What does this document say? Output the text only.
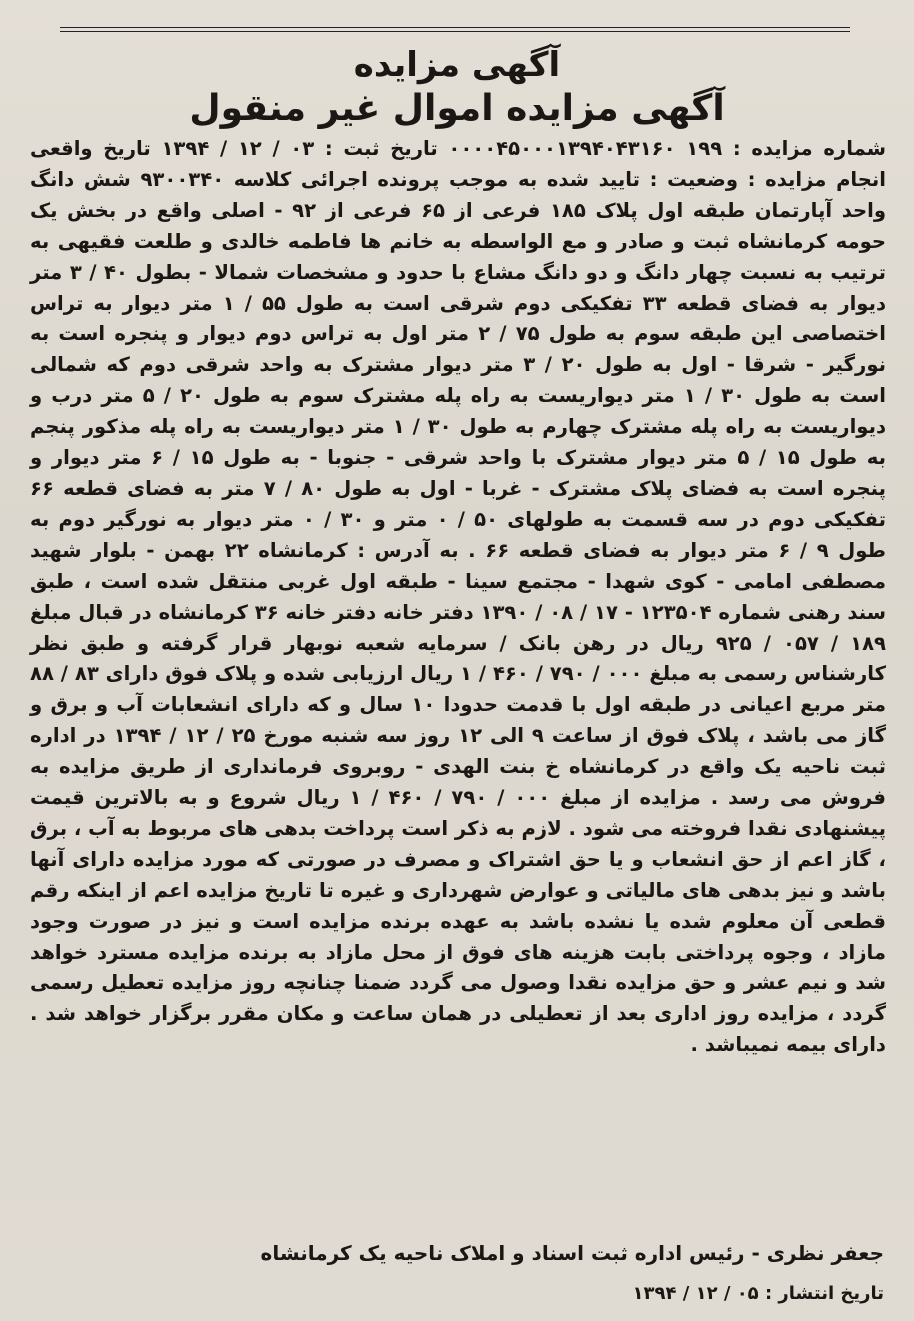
آگهی مزایده
آگهی مزایده اموال غیر منقول
شماره مزایده : ۱۹۹ ۰۰۰۰۴۵۰۰۰۱۳۹۴۰۴۳۱۶۰ تاریخ ثبت : ۰۳ / ۱۲ / ۱۳۹۴ تاریخ واقعی انجام مزایده : وضعیت : تایید شده به موجب پرونده اجرائی کلاسه ۹۳۰۰۳۴۰ شش دانگ واحد آپارتمان طبقه اول پلاک ۱۸۵ فرعی از ۶۵ فرعی از ۹۲ - اصلی واقع در بخش یک حومه کرمانشاه ثبت و صادر و مع الواسطه به خانم ها فاطمه خالدی و طلعت فقیهی به ترتیب به نسبت چهار دانگ و دو دانگ مشاع با حدود و مشخصات شمالا - بطول ۴۰ / ۳ متر دیوار به فضای قطعه ۳۳ تفکیکی دوم شرقی است به طول ۵۵ / ۱ متر دیوار به تراس اختصاصی این طبقه سوم به طول ۷۵ / ۲ متر اول به تراس دوم دیوار و پنجره است به نورگیر - شرقا - اول به طول ۲۰ / ۳ متر دیوار مشترک به واحد شرقی دوم که شمالی است به طول ۳۰ / ۱ متر دیواریست به راه پله مشترک سوم به طول ۲۰ / ۵ متر درب و دیواریست به راه پله مشترک چهارم به طول ۳۰ / ۱ متر دیواریست به راه پله مذکور پنجم به طول ۱۵ / ۵ متر دیوار مشترک با واحد شرقی - جنوبا - به طول ۱۵ / ۶ متر دیوار و پنجره است به فضای پلاک مشترک - غربا - اول به طول ۸۰ / ۷ متر به فضای قطعه ۶۶ تفکیکی دوم در سه قسمت به طولهای ۵۰ / ۰ متر و ۳۰ / ۰ متر دیوار به نورگیر دوم به طول ۹ / ۶ متر دیوار به فضای قطعه ۶۶ . به آدرس : کرمانشاه ۲۲ بهمن - بلوار شهید مصطفی امامی - کوی شهدا - مجتمع سینا - طبقه اول غربی منتقل شده است ، طبق سند رهنی شماره ۱۲۳۵۰۴ - ۱۷ / ۰۸ / ۱۳۹۰ دفتر خانه دفتر خانه ۳۶ کرمانشاه در قبال مبلغ ۱۸۹ / ۰۵۷ / ۹۲۵ ریال در رهن بانک / سرمایه شعبه نوبهار قرار گرفته و طبق نظر کارشناس رسمی به مبلغ ۰۰۰ / ۷۹۰ / ۴۶۰ / ۱ ریال ارزیابی شده و پلاک فوق دارای ۸۳ / ۸۸ متر مربع اعیانی در طبقه اول با قدمت حدودا ۱۰ سال و که دارای انشعابات آب و برق و گاز می باشد ، پلاک فوق از ساعت ۹ الی ۱۲ روز سه شنبه مورخ ۲۵ / ۱۲ / ۱۳۹۴ در اداره ثبت ناحیه یک واقع در کرمانشاه خ بنت الهدی - روبروی فرمانداری از طریق مزایده به فروش می رسد . مزایده از مبلغ ۰۰۰ / ۷۹۰ / ۴۶۰ / ۱ ریال شروع و به بالاترین قیمت پیشنهادی نقدا فروخته می شود . لازم به ذکر است پرداخت بدهی های مربوط به آب ، برق ، گاز اعم از حق انشعاب و یا حق اشتراک و مصرف در صورتی که مورد مزایده دارای آنها باشد و نیز بدهی های مالیاتی و عوارض شهرداری و غیره تا تاریخ مزایده اعم از اینکه رقم قطعی آن معلوم شده یا نشده باشد به عهده برنده مزایده است و نیز در صورت وجود مازاد ، وجوه پرداختی بابت هزینه های فوق از محل مازاد به برنده مزایده مسترد خواهد شد و نیم عشر و حق مزایده نقدا وصول می گردد ضمنا چنانچه روز مزایده تعطیل رسمی گردد ، مزایده روز اداری بعد از تعطیلی در همان ساعت و مکان مقرر برگزار خواهد شد . دارای بیمه نمیباشد .
جعفر نظری - رئیس اداره ثبت اسناد و املاک ناحیه یک کرمانشاه
تاریخ انتشار : ۰۵ / ۱۲ / ۱۳۹۴
